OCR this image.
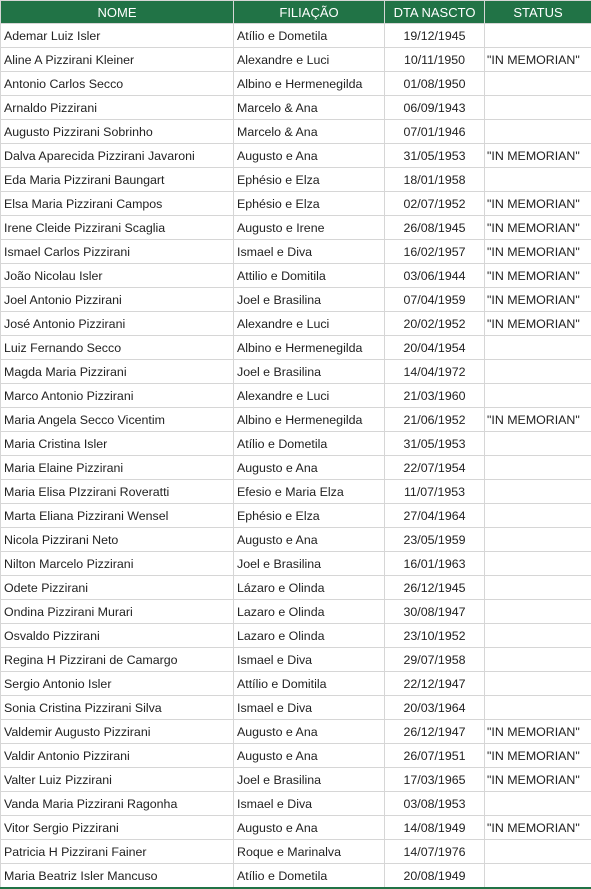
NOME	FILIAÇÃO	DTA NASCTO	STATUS
Ademar Luiz Isler	Atílio e Dometila	19/12/1945	
Aline A Pizzirani Kleiner	Alexandre e Luci	10/11/1950	"IN MEMORIAN"
Antonio Carlos Secco	Albino e Hermenegilda	01/08/1950	
Arnaldo Pizzirani	Marcelo & Ana	06/09/1943	
Augusto Pizzirani Sobrinho	Marcelo & Ana	07/01/1946	
Dalva Aparecida Pizzirani Javaroni	Augusto e Ana	31/05/1953	"IN MEMORIAN"
Eda Maria Pizzirani Baungart	Ephésio e Elza	18/01/1958	
Elsa Maria Pizzirani Campos	Ephésio e Elza	02/07/1952	"IN MEMORIAN"
Irene Cleide Pizzirani Scaglia	Augusto e Irene	26/08/1945	"IN MEMORIAN"
Ismael Carlos Pizzirani	Ismael e Diva	16/02/1957	"IN MEMORIAN"
João Nicolau Isler	Attilio e Domitila	03/06/1944	"IN MEMORIAN"
Joel Antonio Pizzirani	Joel e Brasilina	07/04/1959	"IN MEMORIAN"
José Antonio Pizzirani	Alexandre e Luci	20/02/1952	"IN MEMORIAN"
Luiz Fernando Secco	Albino e Hermenegilda	20/04/1954	
Magda Maria Pizzirani	Joel e Brasilina	14/04/1972	
Marco Antonio Pizzirani	Alexandre e Luci	21/03/1960	
Maria Angela Secco Vicentim	Albino e Hermenegilda	21/06/1952	"IN MEMORIAN"
Maria Cristina Isler	Atílio e Dometila	31/05/1953	
Maria Elaine Pizzirani	Augusto e Ana	22/07/1954	
Maria Elisa PIzzirani Roveratti	Efesio e Maria Elza	11/07/1953	
Marta Eliana Pizzirani Wensel	Ephésio e Elza	27/04/1964	
Nicola Pizzirani Neto	Augusto e Ana	23/05/1959	
Nilton Marcelo Pizzirani	Joel e Brasilina	16/01/1963	
Odete Pizzirani	Lázaro e Olinda	26/12/1945	
Ondina Pizzirani Murari	Lazaro e Olinda	30/08/1947	
Osvaldo Pizzirani	Lazaro e Olinda	23/10/1952	
Regina H Pizzirani de Camargo	Ismael e Diva	29/07/1958	
Sergio Antonio Isler	Attílio e Domitila	22/12/1947	
Sonia Cristina Pizzirani Silva	Ismael e Diva	20/03/1964	
Valdemir Augusto Pizzirani	Augusto e Ana	26/12/1947	"IN MEMORIAN"
Valdir Antonio Pizzirani	Augusto e Ana	26/07/1951	"IN MEMORIAN"
Valter Luiz Pizzirani	Joel e Brasilina	17/03/1965	"IN MEMORIAN"
Vanda Maria Pizzirani Ragonha	Ismael e Diva	03/08/1953	
Vitor Sergio Pizzirani	Augusto e Ana	14/08/1949	"IN MEMORIAN"
Patricia H Pizzirani Fainer	Roque e Marinalva	14/07/1976	
Maria Beatriz Isler Mancuso	Atílio e Dometila	20/08/1949	
